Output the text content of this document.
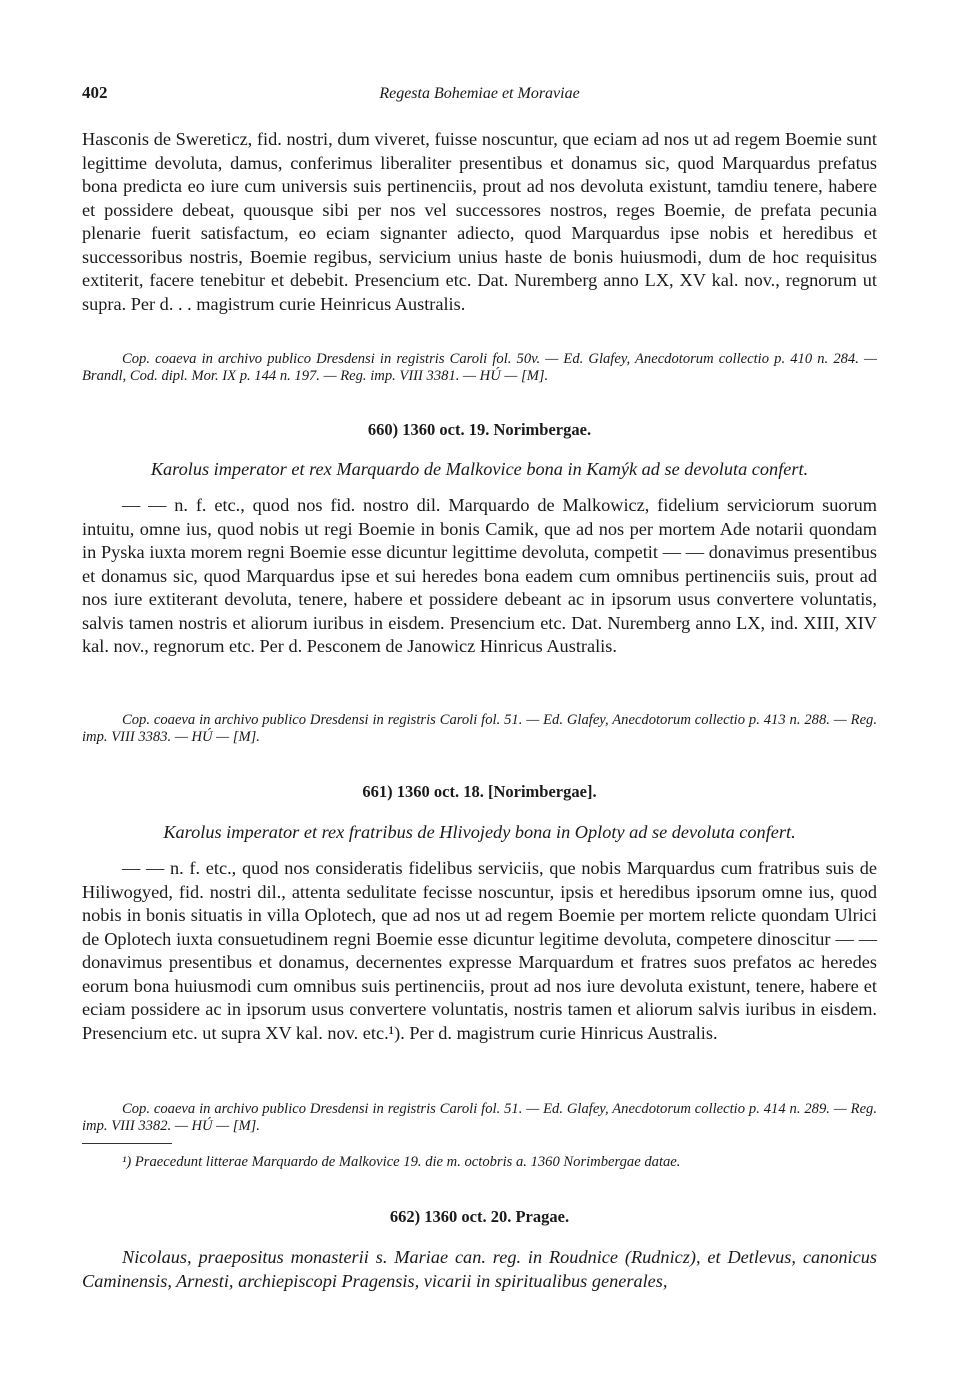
402	Regesta Bohemiae et Moraviae

Hasconis de Swereticz, fid. nostri, dum viveret, fuisse noscuntur, que eciam ad nos ut ad regem Boemie sunt legittime devoluta, damus, conferimus liberaliter presentibus et donamus sic, quod Marquardus prefatus bona predicta eo iure cum universis suis pertinenciis, prout ad nos devoluta existunt, tamdiu tenere, habere et possidere debeat, quousque sibi per nos vel successores nostros, reges Boemie, de prefata pecunia plenarie fuerit satisfactum, eo eciam signanter adiecto, quod Marquardus ipse nobis et heredibus et successoribus nostris, Boemie regibus, servicium unius haste de bonis huiusmodi, dum de hoc requisitus extiterit, facere tenebitur et debebit. Presencium etc. Dat. Nuremberg anno LX, XV kal. nov., regnorum ut supra. Per d. . . magistrum curie Heinricus Australis.

Cop. coaeva in archivo publico Dresdensi in registris Caroli fol. 50v. — Ed. Glafey, Anecdotorum collectio p. 410 n. 284. — Brandl, Cod. dipl. Mor. IX p. 144 n. 197. — Reg. imp. VIII 3381. — HÚ — [M].

660) 1360 oct. 19. Norimbergae.
Karolus imperator et rex Marquardo de Malkovice bona in Kamýk ad se devoluta confert.

— — n. f. etc., quod nos fid. nostro dil. Marquardo de Malkowicz, fidelium serviciorum suorum intuitu, omne ius, quod nobis ut regi Boemie in bonis Camik, que ad nos per mortem Ade notarii quondam in Pyska iuxta morem regni Boemie esse dicuntur legittime devoluta, competit — — donavimus presentibus et donamus sic, quod Marquardus ipse et sui heredes bona eadem cum omnibus pertinenciis suis, prout ad nos iure extiterant devoluta, tenere, habere et possidere debeant ac in ipsorum usus convertere voluntatis, salvis tamen nostris et aliorum iuribus in eisdem. Presencium etc. Dat. Nuremberg anno LX, ind. XIII, XIV kal. nov., regnorum etc. Per d. Pesconem de Janowicz Hinricus Australis.

Cop. coaeva in archivo publico Dresdensi in registris Caroli fol. 51. — Ed. Glafey, Anecdotorum collectio p. 413 n. 288. — Reg. imp. VIII 3383. — HÚ — [M].

661) 1360 oct. 18. [Norimbergae].
Karolus imperator et rex fratribus de Hlivojedy bona in Oploty ad se devoluta confert.

— — n. f. etc., quod nos consideratis fidelibus serviciis, que nobis Marquardus cum fratribus suis de Hiliwogyed, fid. nostri dil., attenta sedulitate fecisse noscuntur, ipsis et heredibus ipsorum omne ius, quod nobis in bonis situatis in villa Oplotech, que ad nos ut ad regem Boemie per mortem relicte quondam Ulrici de Oplotech iuxta consuetudinem regni Boemie esse dicuntur legitime devoluta, competere dinoscitur — — donavimus presentibus et donamus, decernentes expresse Marquardum et fratres suos prefatos ac heredes eorum bona huiusmodi cum omnibus suis pertinenciis, prout ad nos iure devoluta existunt, tenere, habere et eciam possidere ac in ipsorum usus convertere voluntatis, nostris tamen et aliorum salvis iuribus in eisdem. Presencium etc. ut supra XV kal. nov. etc.¹). Per d. magistrum curie Hinricus Australis.

Cop. coaeva in archivo publico Dresdensi in registris Caroli fol. 51. — Ed. Glafey, Anecdotorum collectio p. 414 n. 289. — Reg. imp. VIII 3382. — HÚ — [M].

¹) Praecedunt litterae Marquardo de Malkovice 19. die m. octobris a. 1360 Norimbergae datae.

662) 1360 oct. 20. Pragae.

Nicolaus, praepositus monasterii s. Mariae can. reg. in Roudnice (Rudnicz), et Detlevus, canonicus Caminensis, Arnesti, archiepiscopi Pragensis, vicarii in spiritualibus generales,
